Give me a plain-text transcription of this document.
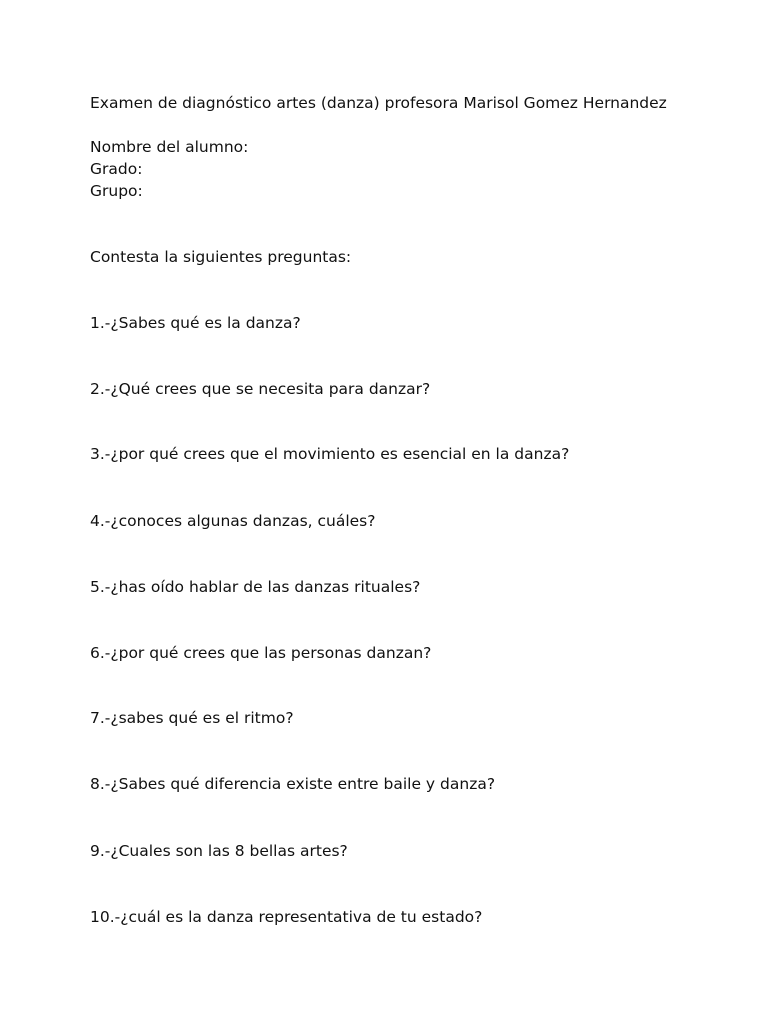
Examen de diagnóstico artes (danza) profesora Marisol Gomez Hernandez
Nombre del alumno:
Grado:
Grupo:
Contesta la siguientes preguntas:
1.-¿Sabes qué es la danza?
2.-¿Qué crees que se necesita para danzar?
3.-¿por qué crees que el movimiento es esencial en la danza?
4.-¿conoces algunas danzas, cuáles?
5.-¿has oído hablar de las danzas rituales?
6.-¿por qué crees que las personas danzan?
7.-¿sabes qué es el ritmo?
8.-¿Sabes qué diferencia existe entre baile y danza?
9.-¿Cuales son las 8 bellas artes?
10.-¿cuál es la danza representativa de tu estado?
